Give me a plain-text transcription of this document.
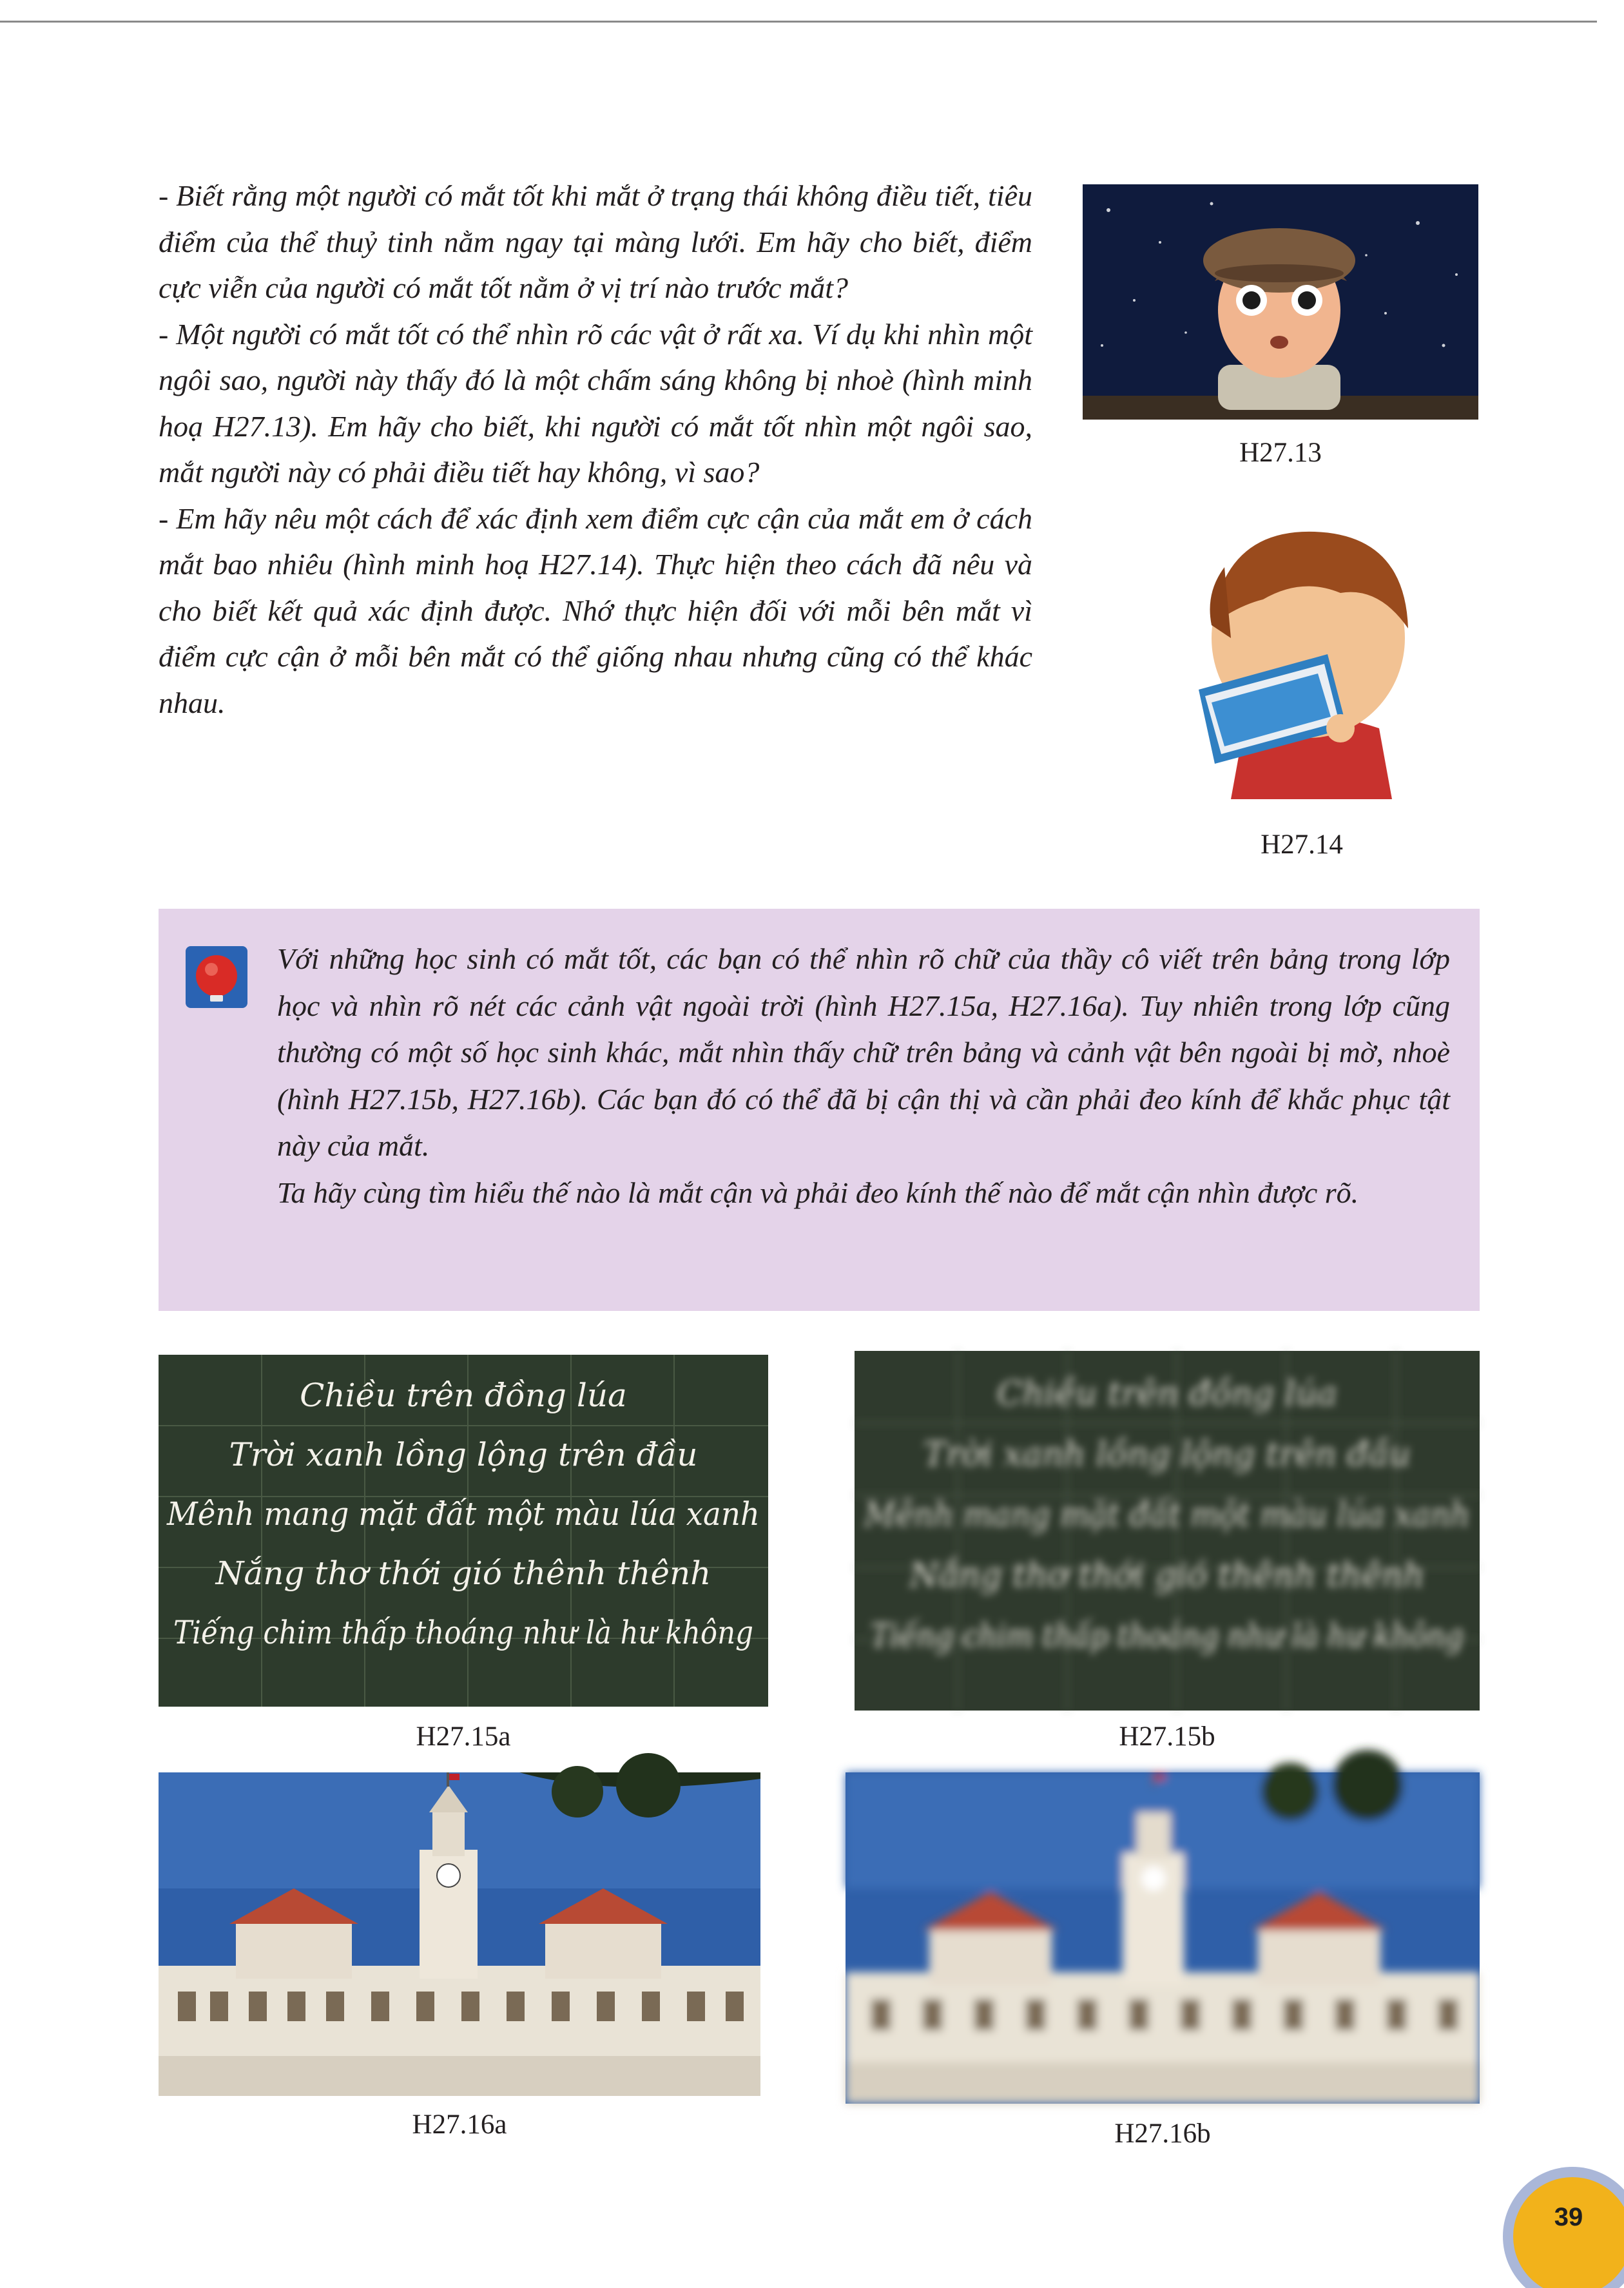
- Biết rằng một người có mắt tốt khi mắt ở trạng thái không điều tiết, tiêu điểm của thể thuỷ tinh nằm ngay tại màng lưới. Em hãy cho biết, điểm cực viễn của người có mắt tốt nằm ở vị trí nào trước mắt?

- Một người có mắt tốt có thể nhìn rõ các vật ở rất xa. Ví dụ khi nhìn một ngôi sao, người này thấy đó là một chấm sáng không bị nhoè (hình minh hoạ H27.13). Em hãy cho biết, khi người có mắt tốt nhìn một ngôi sao, mắt người này có phải điều tiết hay không, vì sao?

- Em hãy nêu một cách để xác định xem điểm cực cận của mắt em ở cách mắt bao nhiêu (hình minh hoạ H27.14). Thực hiện theo cách đã nêu và cho biết kết quả xác định được. Nhớ thực hiện đối với mỗi bên mắt vì điểm cực cận ở mỗi bên mắt có thể giống nhau nhưng cũng có thể khác nhau.

H27.13
H27.14

Với những học sinh có mắt tốt, các bạn có thể nhìn rõ chữ của thầy cô viết trên bảng trong lớp học và nhìn rõ nét các cảnh vật ngoài trời (hình H27.15a, H27.16a). Tuy nhiên trong lớp cũng thường có một số học sinh khác, mắt nhìn thấy chữ trên bảng và cảnh vật bên ngoài bị mờ, nhoè (hình H27.15b, H27.16b). Các bạn đó có thể đã bị cận thị và cần phải đeo kính để khắc phục tật này của mắt.

Ta hãy cùng tìm hiểu thế nào là mắt cận và phải đeo kính thế nào để mắt cận nhìn được rõ.

Chiều trên đồng lúa
Trời xanh lồng lộng trên đầu
Mênh mang mặt đất một màu lúa xanh
Nắng thơ thới gió thênh thênh
Tiếng chim thấp thoáng như là hư không
H27.15a
Chiều trên đồng lúa
Trời xanh lồng lộng trên đầu
Mênh mang mặt đất một màu lúa xanh
Nắng thơ thới gió thênh thênh
Tiếng chim thấp thoáng như là hư không
H27.15b
H27.16a	H27.16b
39
